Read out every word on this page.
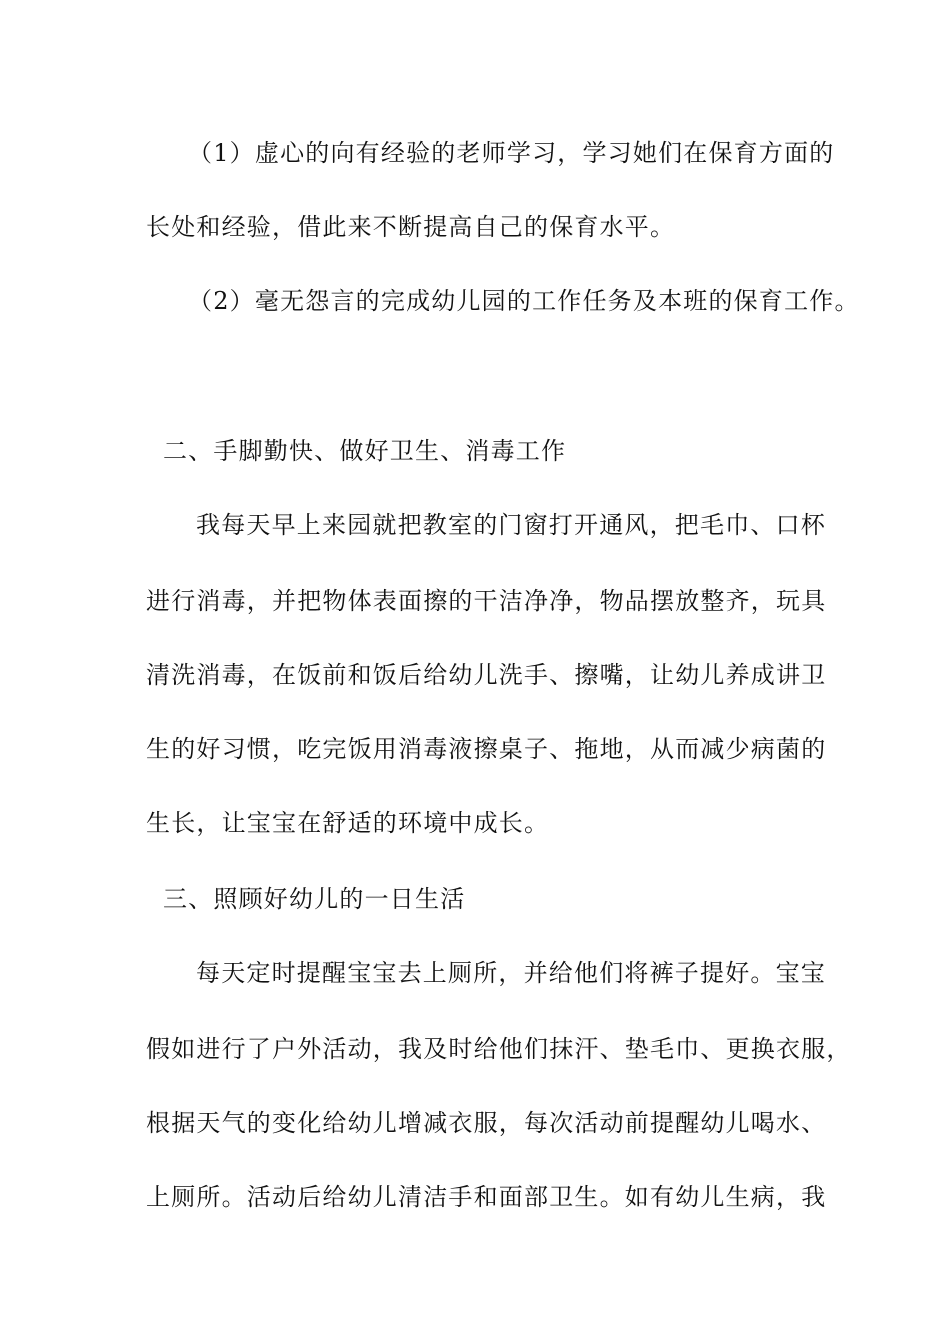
（1）虚心的向有经验的老师学习，学习她们在保育方面的
长处和经验，借此来不断提高自己的保育水平。
（2）毫无怨言的完成幼儿园的工作任务及本班的保育工作。
二、手脚勤快、做好卫生、消毒工作
我每天早上来园就把教室的门窗打开通风，把毛巾、口杯
进行消毒，并把物体表面擦的干洁净净，物品摆放整齐，玩具
清洗消毒，在饭前和饭后给幼儿洗手、擦嘴，让幼儿养成讲卫
生的好习惯，吃完饭用消毒液擦桌子、拖地，从而减少病菌的
生长，让宝宝在舒适的环境中成长。
三、照顾好幼儿的一日生活
每天定时提醒宝宝去上厕所，并给他们将裤子提好。宝宝
假如进行了户外活动，我及时给他们抹汗、垫毛巾、更换衣服，
根据天气的变化给幼儿增减衣服，每次活动前提醒幼儿喝水、
上厕所。活动后给幼儿清洁手和面部卫生。如有幼儿生病，我
